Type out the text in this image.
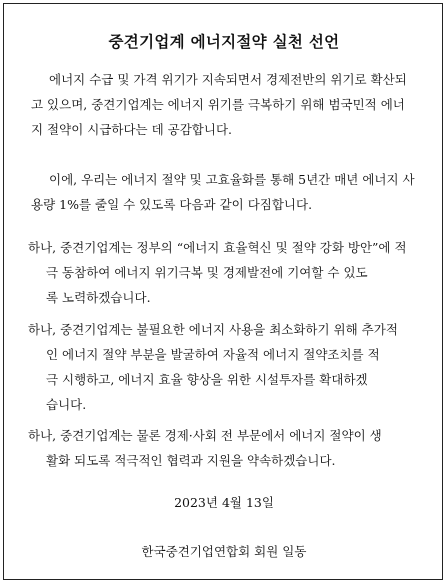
중견기업계 에너지절약 실천 선언
에너지 수급 및 가격 위기가 지속되면서 경제전반의 위기로 확산되
고 있으며, 중견기업계는 에너지 위기를 극복하기 위해 범국민적 에너
지 절약이 시급하다는 데 공감합니다.
이에, 우리는 에너지 절약 및 고효율화를 통해 5년간 매년 에너지 사
용량 1%를 줄일 수 있도록 다음과 같이 다짐합니다.
하나, 중견기업계는 정부의 “에너지 효율혁신 및 절약 강화 방안”에 적
극 동참하여 에너지 위기극복 및 경제발전에 기여할 수 있도
록 노력하겠습니다.
하나, 중견기업계는 불필요한 에너지 사용을 최소화하기 위해 추가적
인 에너지 절약 부분을 발굴하여 자율적 에너지 절약조치를 적
극 시행하고, 에너지 효율 향상을 위한 시설투자를 확대하겠
습니다.
하나, 중견기업계는 물론 경제·사회 전 부문에서 에너지 절약이 생
활화 되도록 적극적인 협력과 지원을 약속하겠습니다.
2023년 4월 13일
한국중견기업연합회 회원 일동
